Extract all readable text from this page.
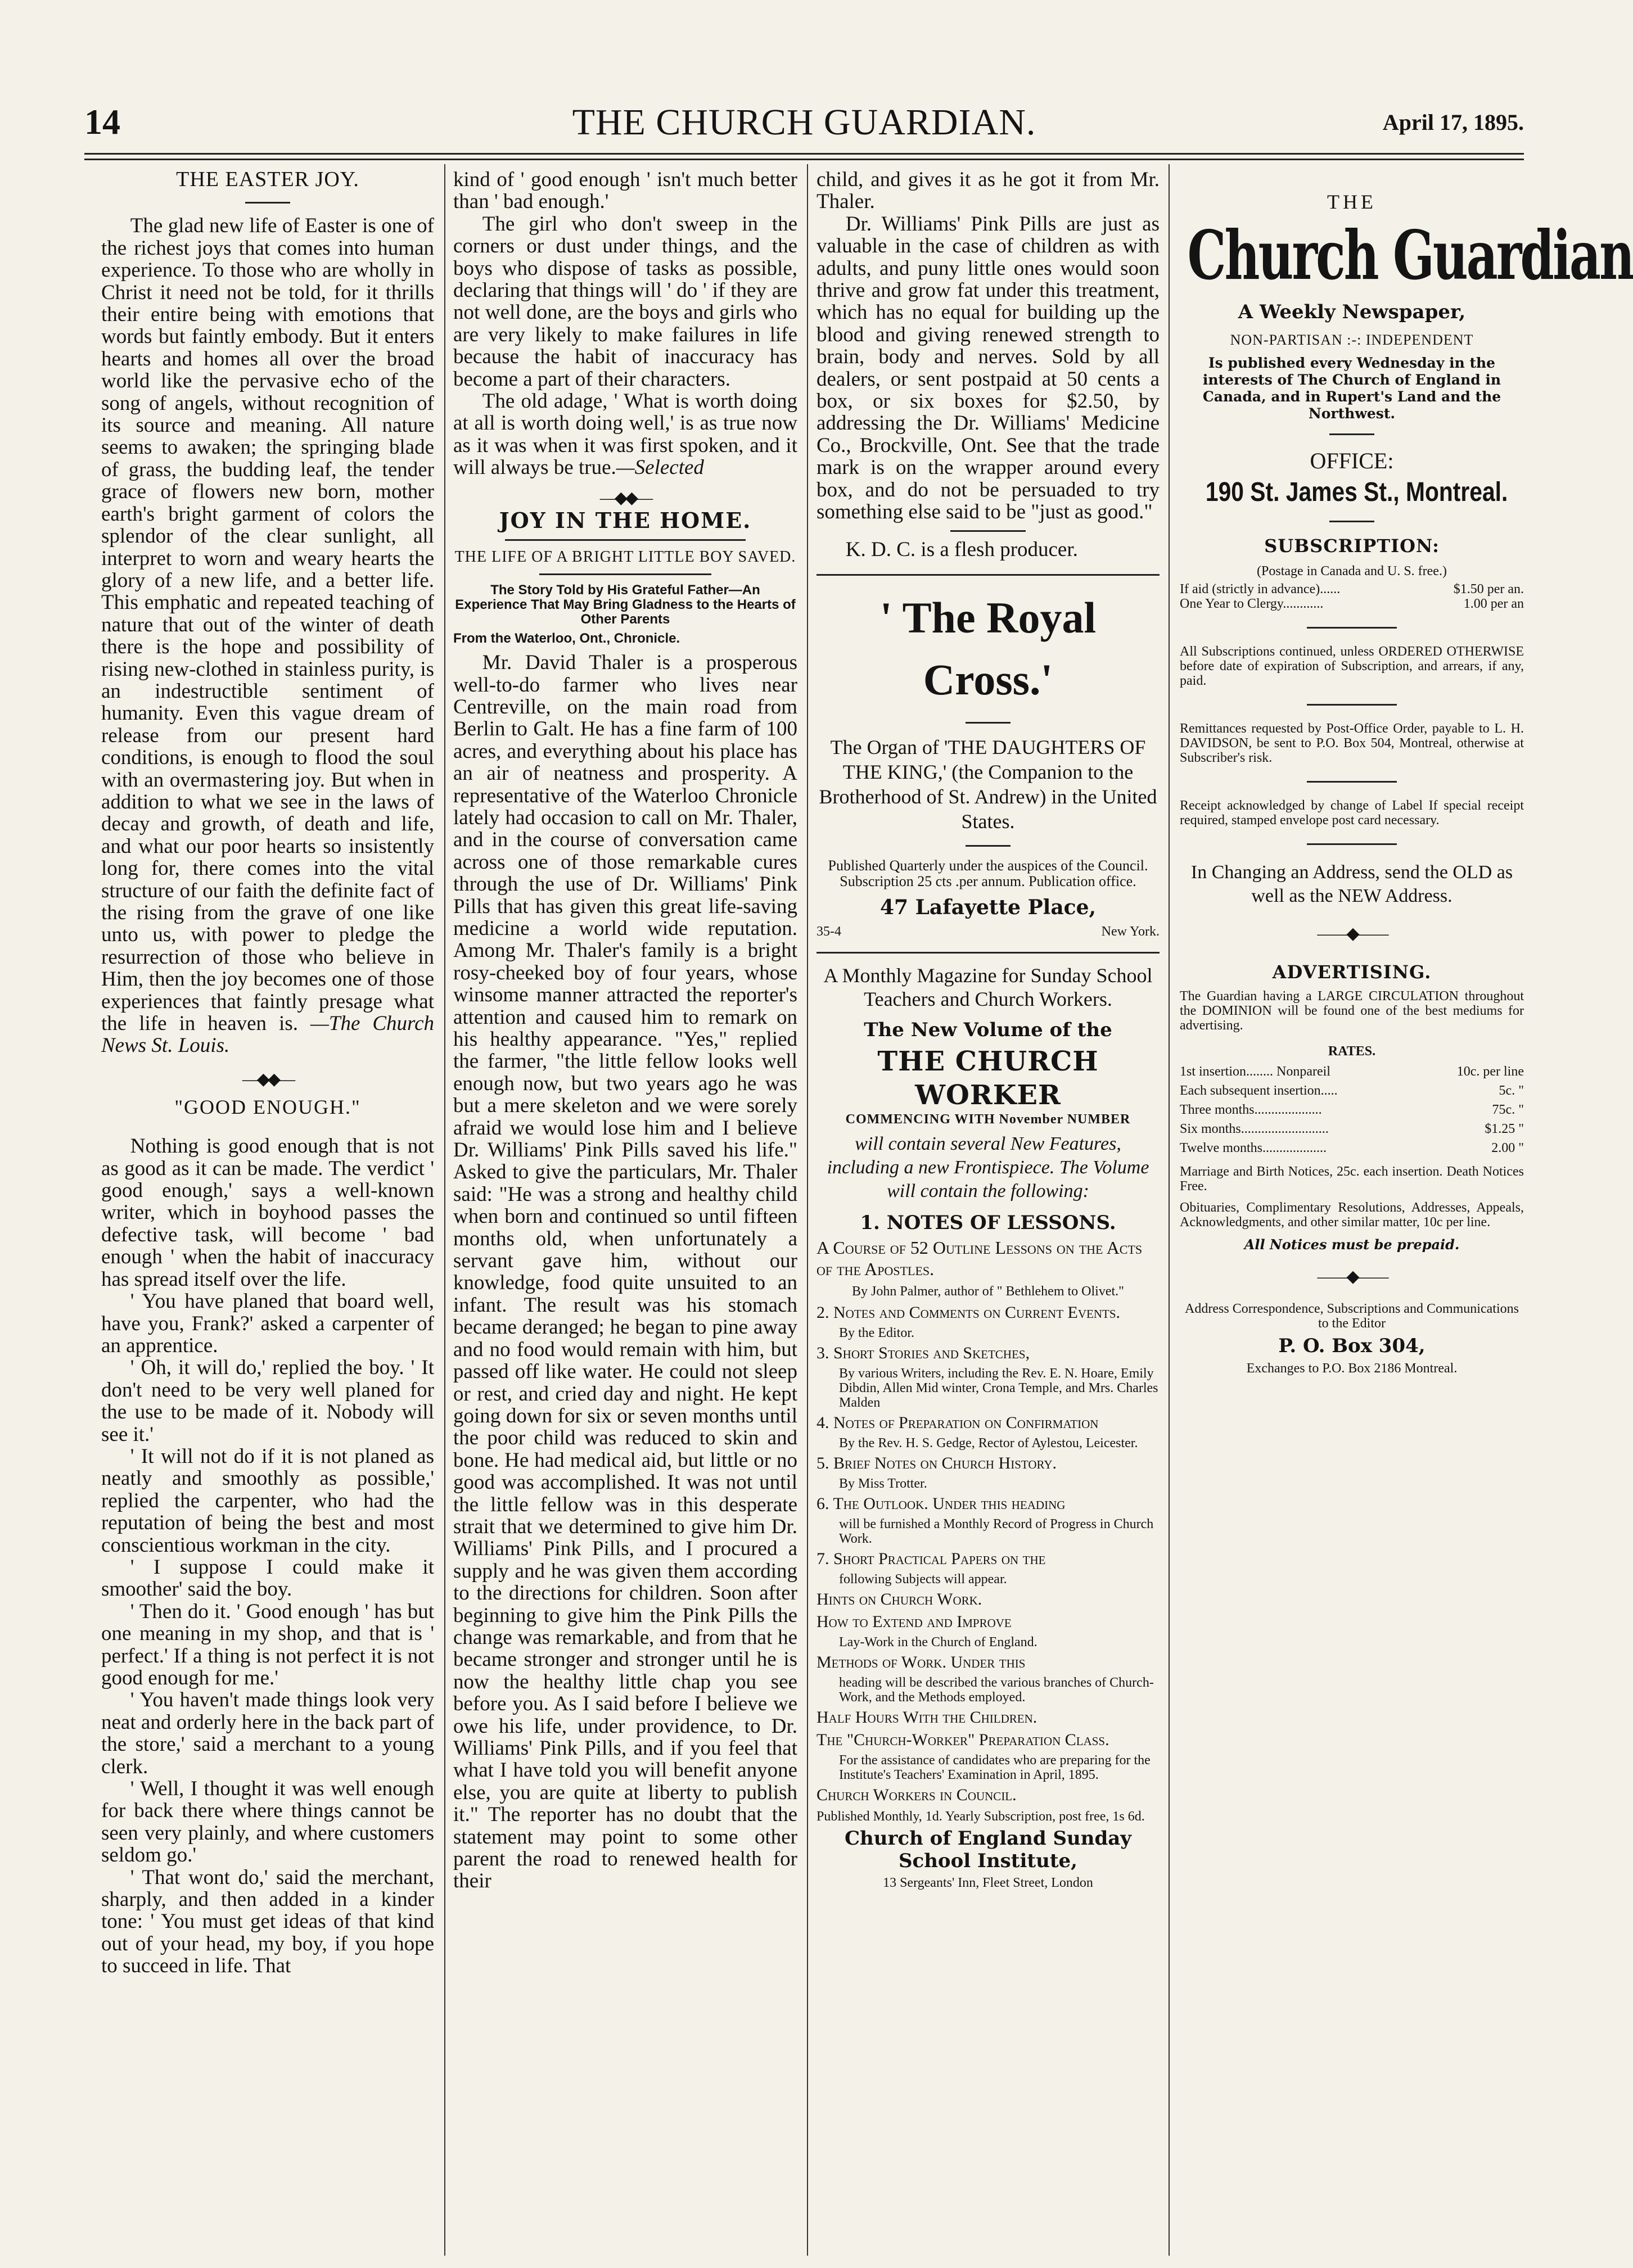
14	THE CHURCH GUARDIAN.	April 17, 1895.
THE EASTER JOY.

The glad new life of Easter is one of the richest joys that comes into human experience. To those who are wholly in Christ it need not be told, for it thrills their entire being with emotions that words but faintly embody. But it enters hearts and homes all over the broad world like the pervasive echo of the song of angels, without recognition of its source and meaning. All nature seems to awaken; the springing blade of grass, the budding leaf, the tender grace of flowers new born, mother earth's bright garment of colors the splendor of the clear sunlight, all interpret to worn and weary hearts the glory of a new life, and a better life. This emphatic and repeated teaching of nature that out of the winter of death there is the hope and possibility of rising new-clothed in stainless purity, is an indestructible sentiment of humanity. Even this vague dream of release from our present hard conditions, is enough to flood the soul with an overmastering joy. But when in addition to what we see in the laws of decay and growth, of death and life, and what our poor hearts so insistently long for, there comes into the vital structure of our faith the definite fact of the rising from the grave of one like unto us, with power to pledge the resurrection of those who believe in Him, then the joy becomes one of those experiences that faintly presage what the life in heaven is. —The Church News St. Louis.

—◆◆—
"GOOD ENOUGH."

Nothing is good enough that is not as good as it can be made. The verdict ' good enough,' says a well-known writer, which in boyhood passes the defective task, will become ' bad enough ' when the habit of inaccuracy has spread itself over the life.

' You have planed that board well, have you, Frank?' asked a carpenter of an apprentice.

' Oh, it will do,' replied the boy. ' It don't need to be very well planed for the use to be made of it. Nobody will see it.'

' It will not do if it is not planed as neatly and smoothly as possible,' replied the carpenter, who had the reputation of being the best and most conscientious workman in the city.

' I suppose I could make it smoother' said the boy.

' Then do it. ' Good enough ' has but one meaning in my shop, and that is ' perfect.' If a thing is not perfect it is not good enough for me.'

' You haven't made things look very neat and orderly here in the back part of the store,' said a merchant to a young clerk.

' Well, I thought it was well enough for back there where things cannot be seen very plainly, and where customers seldom go.'

' That wont do,' said the merchant, sharply, and then added in a kinder tone: ' You must get ideas of that kind out of your head, my boy, if you hope to succeed in life. That

kind of ' good enough ' isn't much better than ' bad enough.'

The girl who don't sweep in the corners or dust under things, and the boys who dispose of tasks as possible, declaring that things will ' do ' if they are not well done, are the boys and girls who are very likely to make failures in life because the habit of inaccuracy has become a part of their characters.

The old adage, ' What is worth doing at all is worth doing well,' is as true now as it was when it was first spoken, and it will always be true.—Selected

—◆◆—
JOY IN THE HOME.
THE LIFE OF A BRIGHT LITTLE BOY SAVED.
The Story Told by His Grateful Father—An Experience That May Bring Gladness to the Hearts of Other Parents
From the Waterloo, Ont., Chronicle.

Mr. David Thaler is a prosperous well-to-do farmer who lives near Centreville, on the main road from Berlin to Galt. He has a fine farm of 100 acres, and everything about his place has an air of neatness and prosperity. A representative of the Waterloo Chronicle lately had occasion to call on Mr. Thaler, and in the course of conversation came across one of those remarkable cures through the use of Dr. Williams' Pink Pills that has given this great life-saving medicine a world wide reputation. Among Mr. Thaler's family is a bright rosy-cheeked boy of four years, whose winsome manner attracted the reporter's attention and caused him to remark on his healthy appearance. "Yes," replied the farmer, "the little fellow looks well enough now, but two years ago he was but a mere skeleton and we were sorely afraid we would lose him and I believe Dr. Williams' Pink Pills saved his life." Asked to give the particulars, Mr. Thaler said: "He was a strong and healthy child when born and continued so until fifteen months old, when unfortunately a servant gave him, without our knowledge, food quite unsuited to an infant. The result was his stomach became deranged; he began to pine away and no food would remain with him, but passed off like water. He could not sleep or rest, and cried day and night. He kept going down for six or seven months until the poor child was reduced to skin and bone. He had medical aid, but little or no good was accomplished. It was not until the little fellow was in this desperate strait that we determined to give him Dr. Williams' Pink Pills, and I procured a supply and he was given them according to the directions for children. Soon after beginning to give him the Pink Pills the change was remarkable, and from that he became stronger and stronger until he is now the healthy little chap you see before you. As I said before I believe we owe his life, under providence, to Dr. Williams' Pink Pills, and if you feel that what I have told you will benefit anyone else, you are quite at liberty to publish it." The reporter has no doubt that the statement may point to some other parent the road to renewed health for their

child, and gives it as he got it from Mr. Thaler.

Dr. Williams' Pink Pills are just as valuable in the case of children as with adults, and puny little ones would soon thrive and grow fat under this treatment, which has no equal for building up the blood and giving renewed strength to brain, body and nerves. Sold by all dealers, or sent postpaid at 50 cents a box, or six boxes for $2.50, by addressing the Dr. Williams' Medicine Co., Brockville, Ont. See that the trade mark is on the wrapper around every box, and do not be persuaded to try something else said to be "just as good."

K. D. C. is a flesh producer.

' The Royal Cross.'
The Organ of 'THE DAUGHTERS OF THE KING,' (the Companion to the Brotherhood of St. Andrew) in the United States.
Published Quarterly under the auspices of the Council. Subscription 25 cts .per annum. Publication office.
47 Lafayette Place,
35-4	New York.
A Monthly Magazine for Sunday School Teachers and Church Workers.
The New Volume of the
THE CHURCH WORKER
COMMENCING WITH November NUMBER
will contain several New Features, including a new Frontispiece. The Volume will contain the following:
1. NOTES OF LESSONS.
A Course of 52 Outline Lessons on the Acts of the Apostles.
By John Palmer, author of " Bethlehem to Olivet."
2. Notes and Comments on Current Events.
By the Editor.
3. Short Stories and Sketches,
By various Writers, including the Rev. E. N. Hoare, Emily Dibdin, Allen Mid winter, Crona Temple, and Mrs. Charles Malden
4. Notes of Preparation on Confirmation
By the Rev. H. S. Gedge, Rector of Aylestou, Leicester.
5. Brief Notes on Church History.
By Miss Trotter.
6. The Outlook. Under this heading
will be furnished a Monthly Record of Progress in Church Work.
7. Short Practical Papers on the
following Subjects will appear.
Hints on Church Work.
How to Extend and Improve
Lay-Work in the Church of England.
Methods of Work. Under this
heading will be described the various branches of Church-Work, and the Methods employed.
Half Hours With the Children.
The "Church-Worker" Preparation Class.
For the assistance of candidates who are preparing for the Institute's Teachers' Examination in April, 1895.
Church Workers in Council.
Published Monthly, 1d. Yearly Subscription, post free, 1s 6d.
Church of England Sunday School Institute,
13 Sergeants' Inn, Fleet Street, London
THE
Church Guardian
A Weekly Newspaper,
NON-PARTISAN :-: INDEPENDENT
Is published every Wednesday in the interests of The Church of England in Canada, and in Rupert's Land and the Northwest.
OFFICE:
190 St. James St., Montreal.
SUBSCRIPTION:
(Postage in Canada and U. S. free.)
If aid (strictly in advance)......	$1.50 per an.
One Year to Clergy............	1.00 per an
All Subscriptions continued, unless ORDERED OTHERWISE before date of expiration of Subscription, and arrears, if any, paid.
Remittances requested by Post-Office Order, payable to L. H. DAVIDSON, be sent to P.O. Box 504, Montreal, otherwise at Subscriber's risk.
Receipt acknowledged by change of Label If special receipt required, stamped envelope post card necessary.
In Changing an Address, send the OLD as well as the NEW Address.
——◆——
ADVERTISING.
The Guardian having a LARGE CIRCULATION throughout the DOMINION will be found one of the best mediums for advertising.
RATES.
1st insertion........ Nonpareil	10c. per line
Each subsequent insertion.....	5c. "
Three months....................	75c. "
Six months..........................	$1.25 "
Twelve months...................	2.00 "
Marriage and Birth Notices, 25c. each insertion. Death Notices Free.
Obituaries, Complimentary Resolutions, Addresses, Appeals, Acknowledgments, and other similar matter, 10c per line.
All Notices must be prepaid.
——◆——
Address Correspondence, Subscriptions and Communications to the Editor
P. O. Box 304,
Exchanges to P.O. Box 2186 Montreal.
